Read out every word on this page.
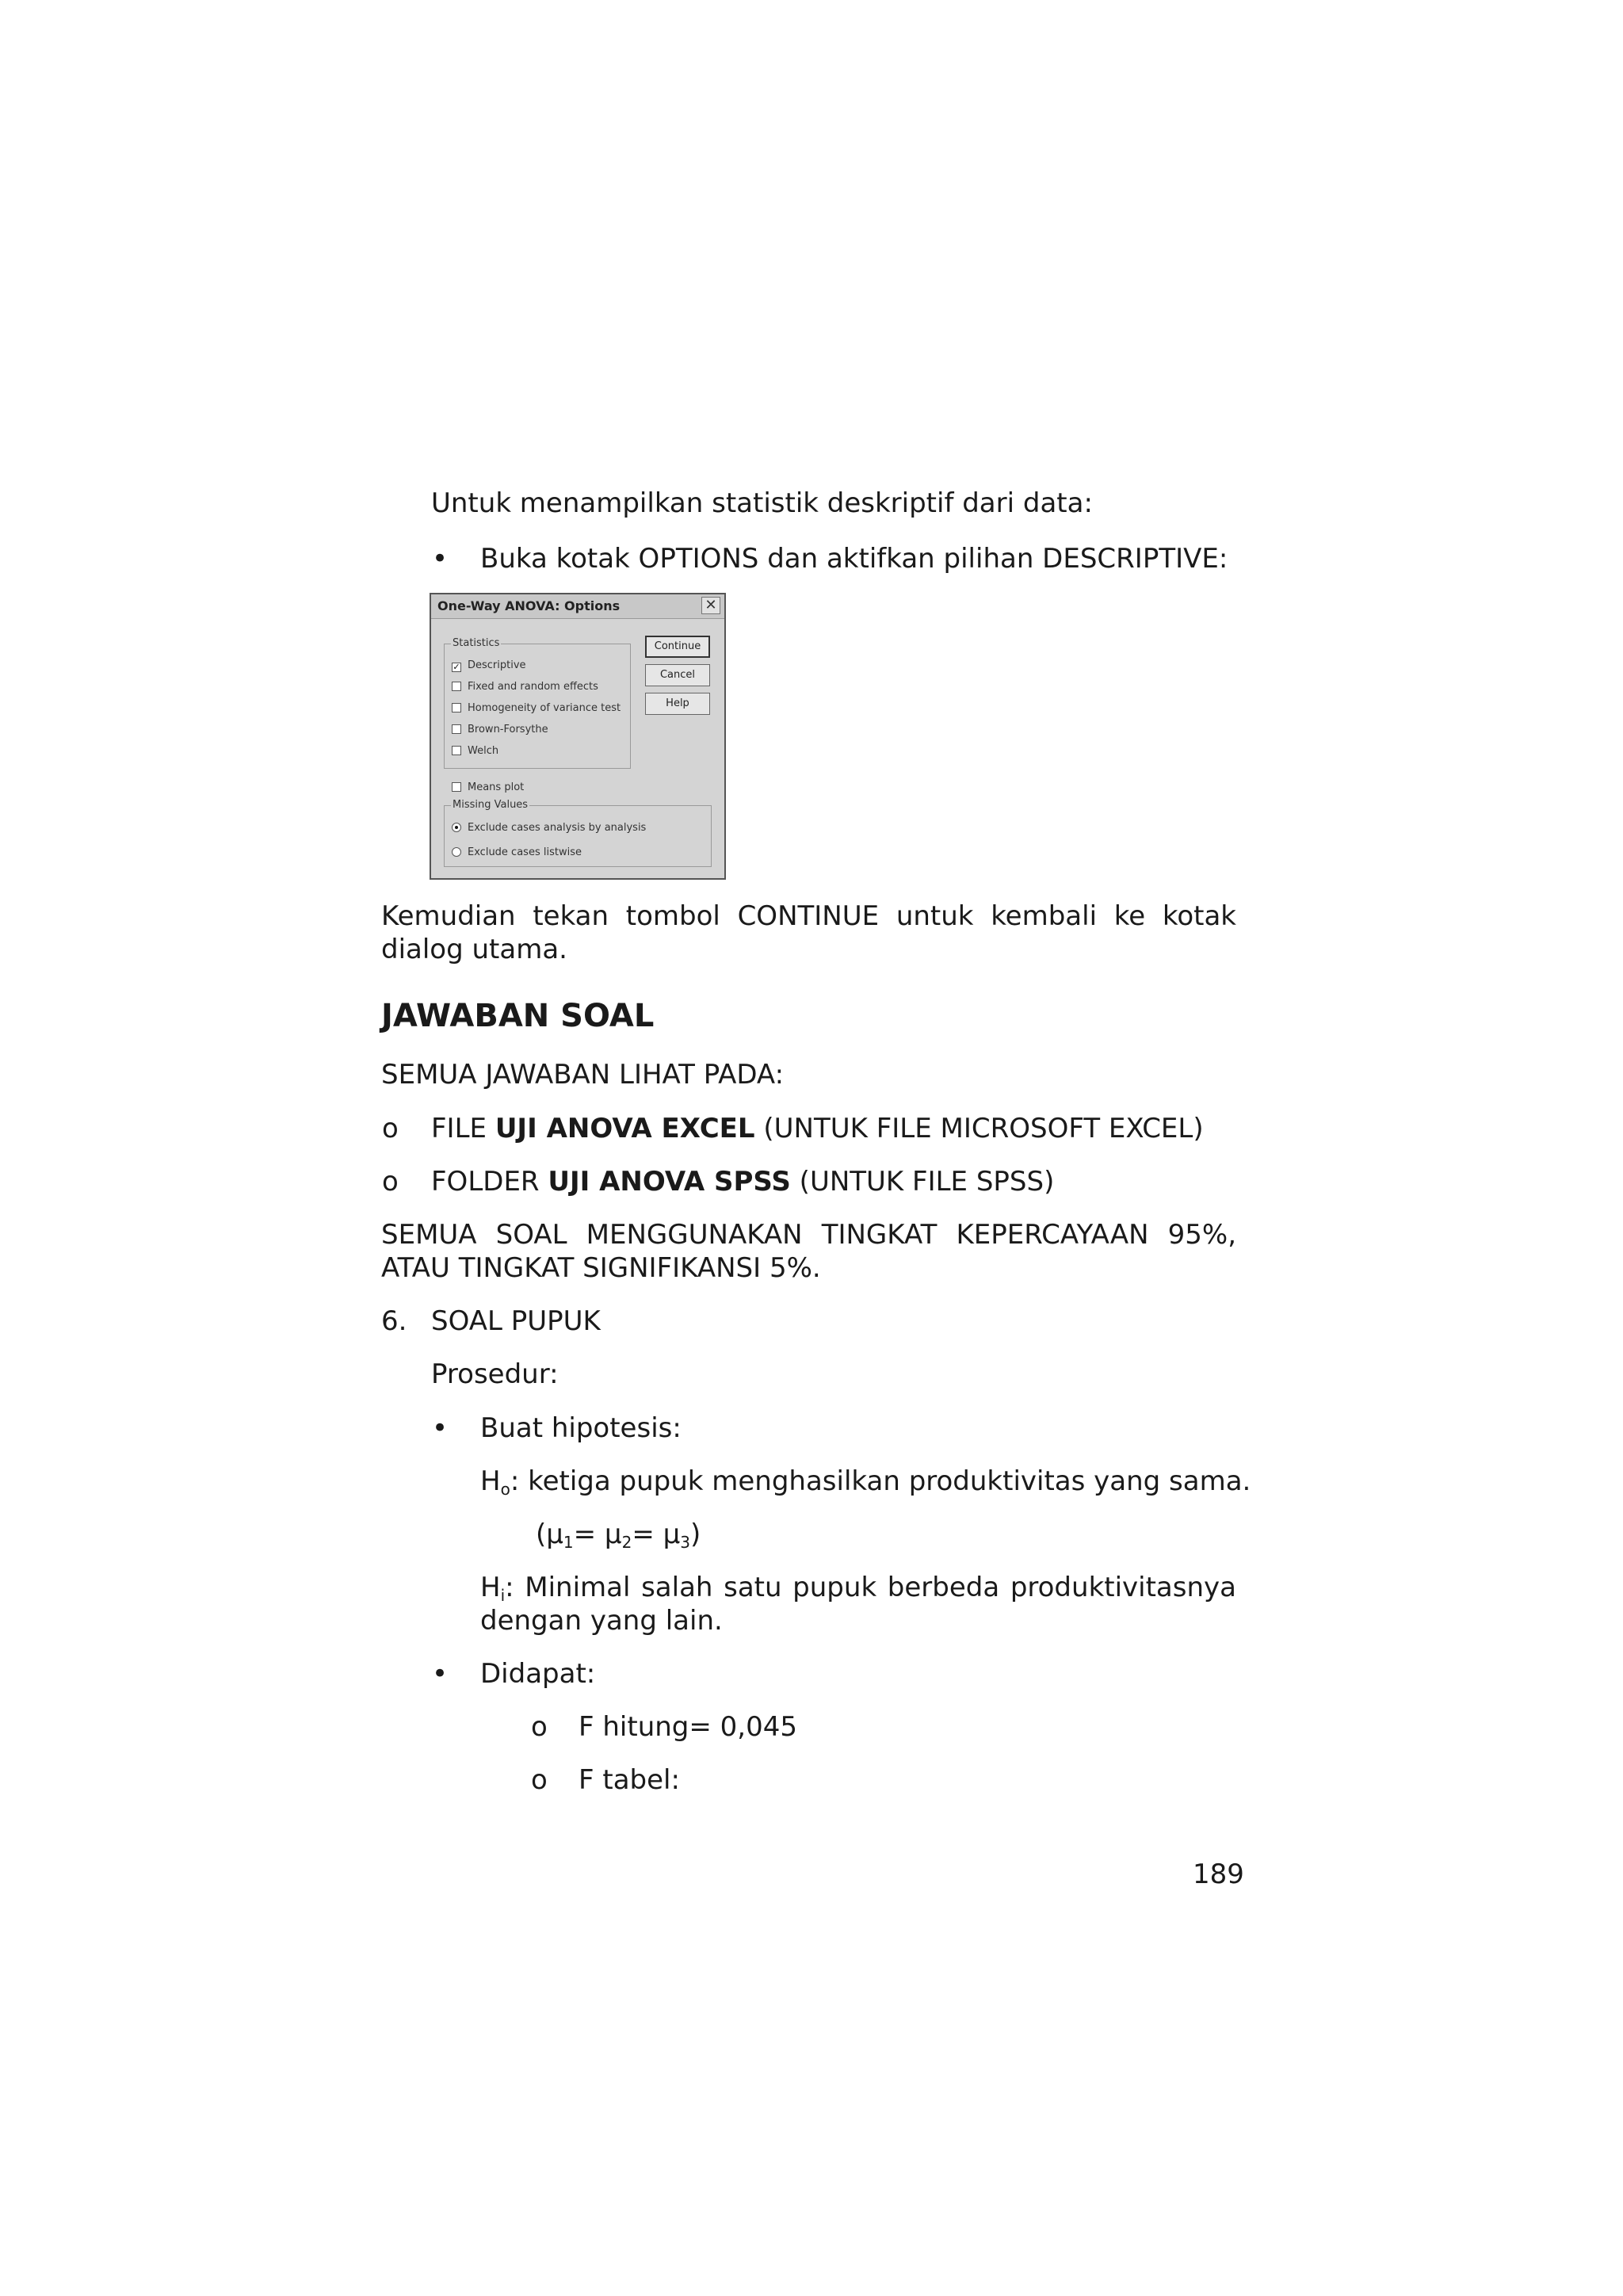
Untuk menampilkan statistik deskriptif dari data:
• Buka kotak OPTIONS dan aktifkan pilihan DESCRIPTIVE:
One-Way ANOVA: Options	✕
Statistics
✓ Descriptive
Fixed and random effects
Homogeneity of variance test
Brown-Forsythe
Welch
Means plot
Missing Values
Exclude cases analysis by analysis
Exclude cases listwise
Continue
Cancel
Help
Kemudian tekan tombol CONTINUE untuk kembali ke kotak dialog utama.
JAWABAN SOAL
SEMUA JAWABAN LIHAT PADA:
o FILE UJI ANOVA EXCEL (UNTUK FILE MICROSOFT EXCEL)
o FOLDER UJI ANOVA SPSS (UNTUK FILE SPSS)
SEMUA SOAL MENGGUNAKAN TINGKAT KEPERCAYAAN 95%, ATAU TINGKAT SIGNIFIKANSI 5%.
6. SOAL PUPUK
Prosedur:
• Buat hipotesis:
$H_o$: ketiga pupuk menghasilkan produktivitas yang sama.
$(\mu_1= \mu_2= \mu_3)$
$H_i$: Minimal salah satu pupuk berbeda produktivitasnya dengan yang lain.
• Didapat:
o F hitung= 0,045
o F tabel:
189
